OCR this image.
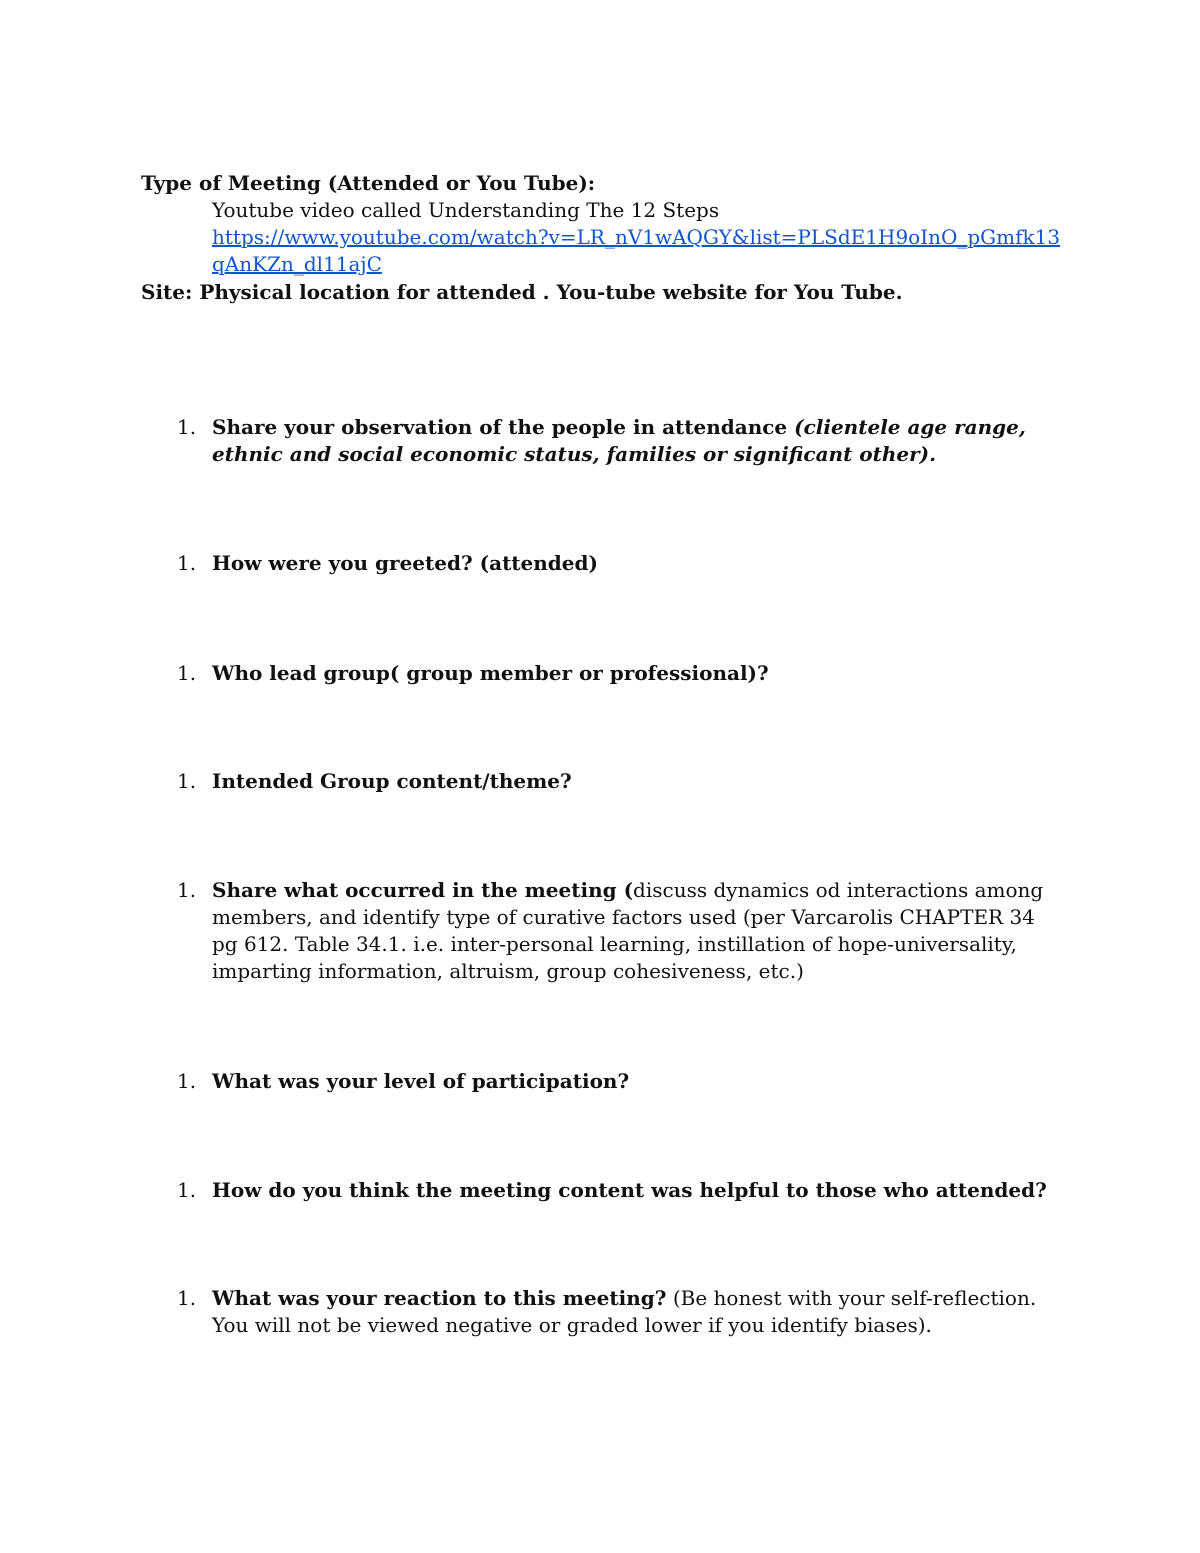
Type of Meeting (Attended or You Tube):
Youtube video called Understanding The 12 Steps
https://www.youtube.com/watch?v=LR_nV1wAQGY&list=PLSdE1H9oInO_pGmfk13qAnKZn_dl11ajC
Site: Physical location for attended . You-tube website for You Tube.
1. Share your observation of the people in attendance (clientele age range, ethnic and social economic status, families or significant other).
1. How were you greeted? (attended)
1. Who lead group( group member or professional)?
1. Intended Group content/theme?
1. Share what occurred in the meeting (discuss dynamics od interactions among members, and identify type of curative factors used (per Varcarolis CHAPTER 34 pg 612. Table 34.1. i.e. inter-personal learning, instillation of hope-universality, imparting information, altruism, group cohesiveness, etc.)
1. What was your level of participation?
1. How do you think the meeting content was helpful to those who attended?
1. What was your reaction to this meeting? (Be honest with your self-reflection. You will not be viewed negative or graded lower if you identify biases).
